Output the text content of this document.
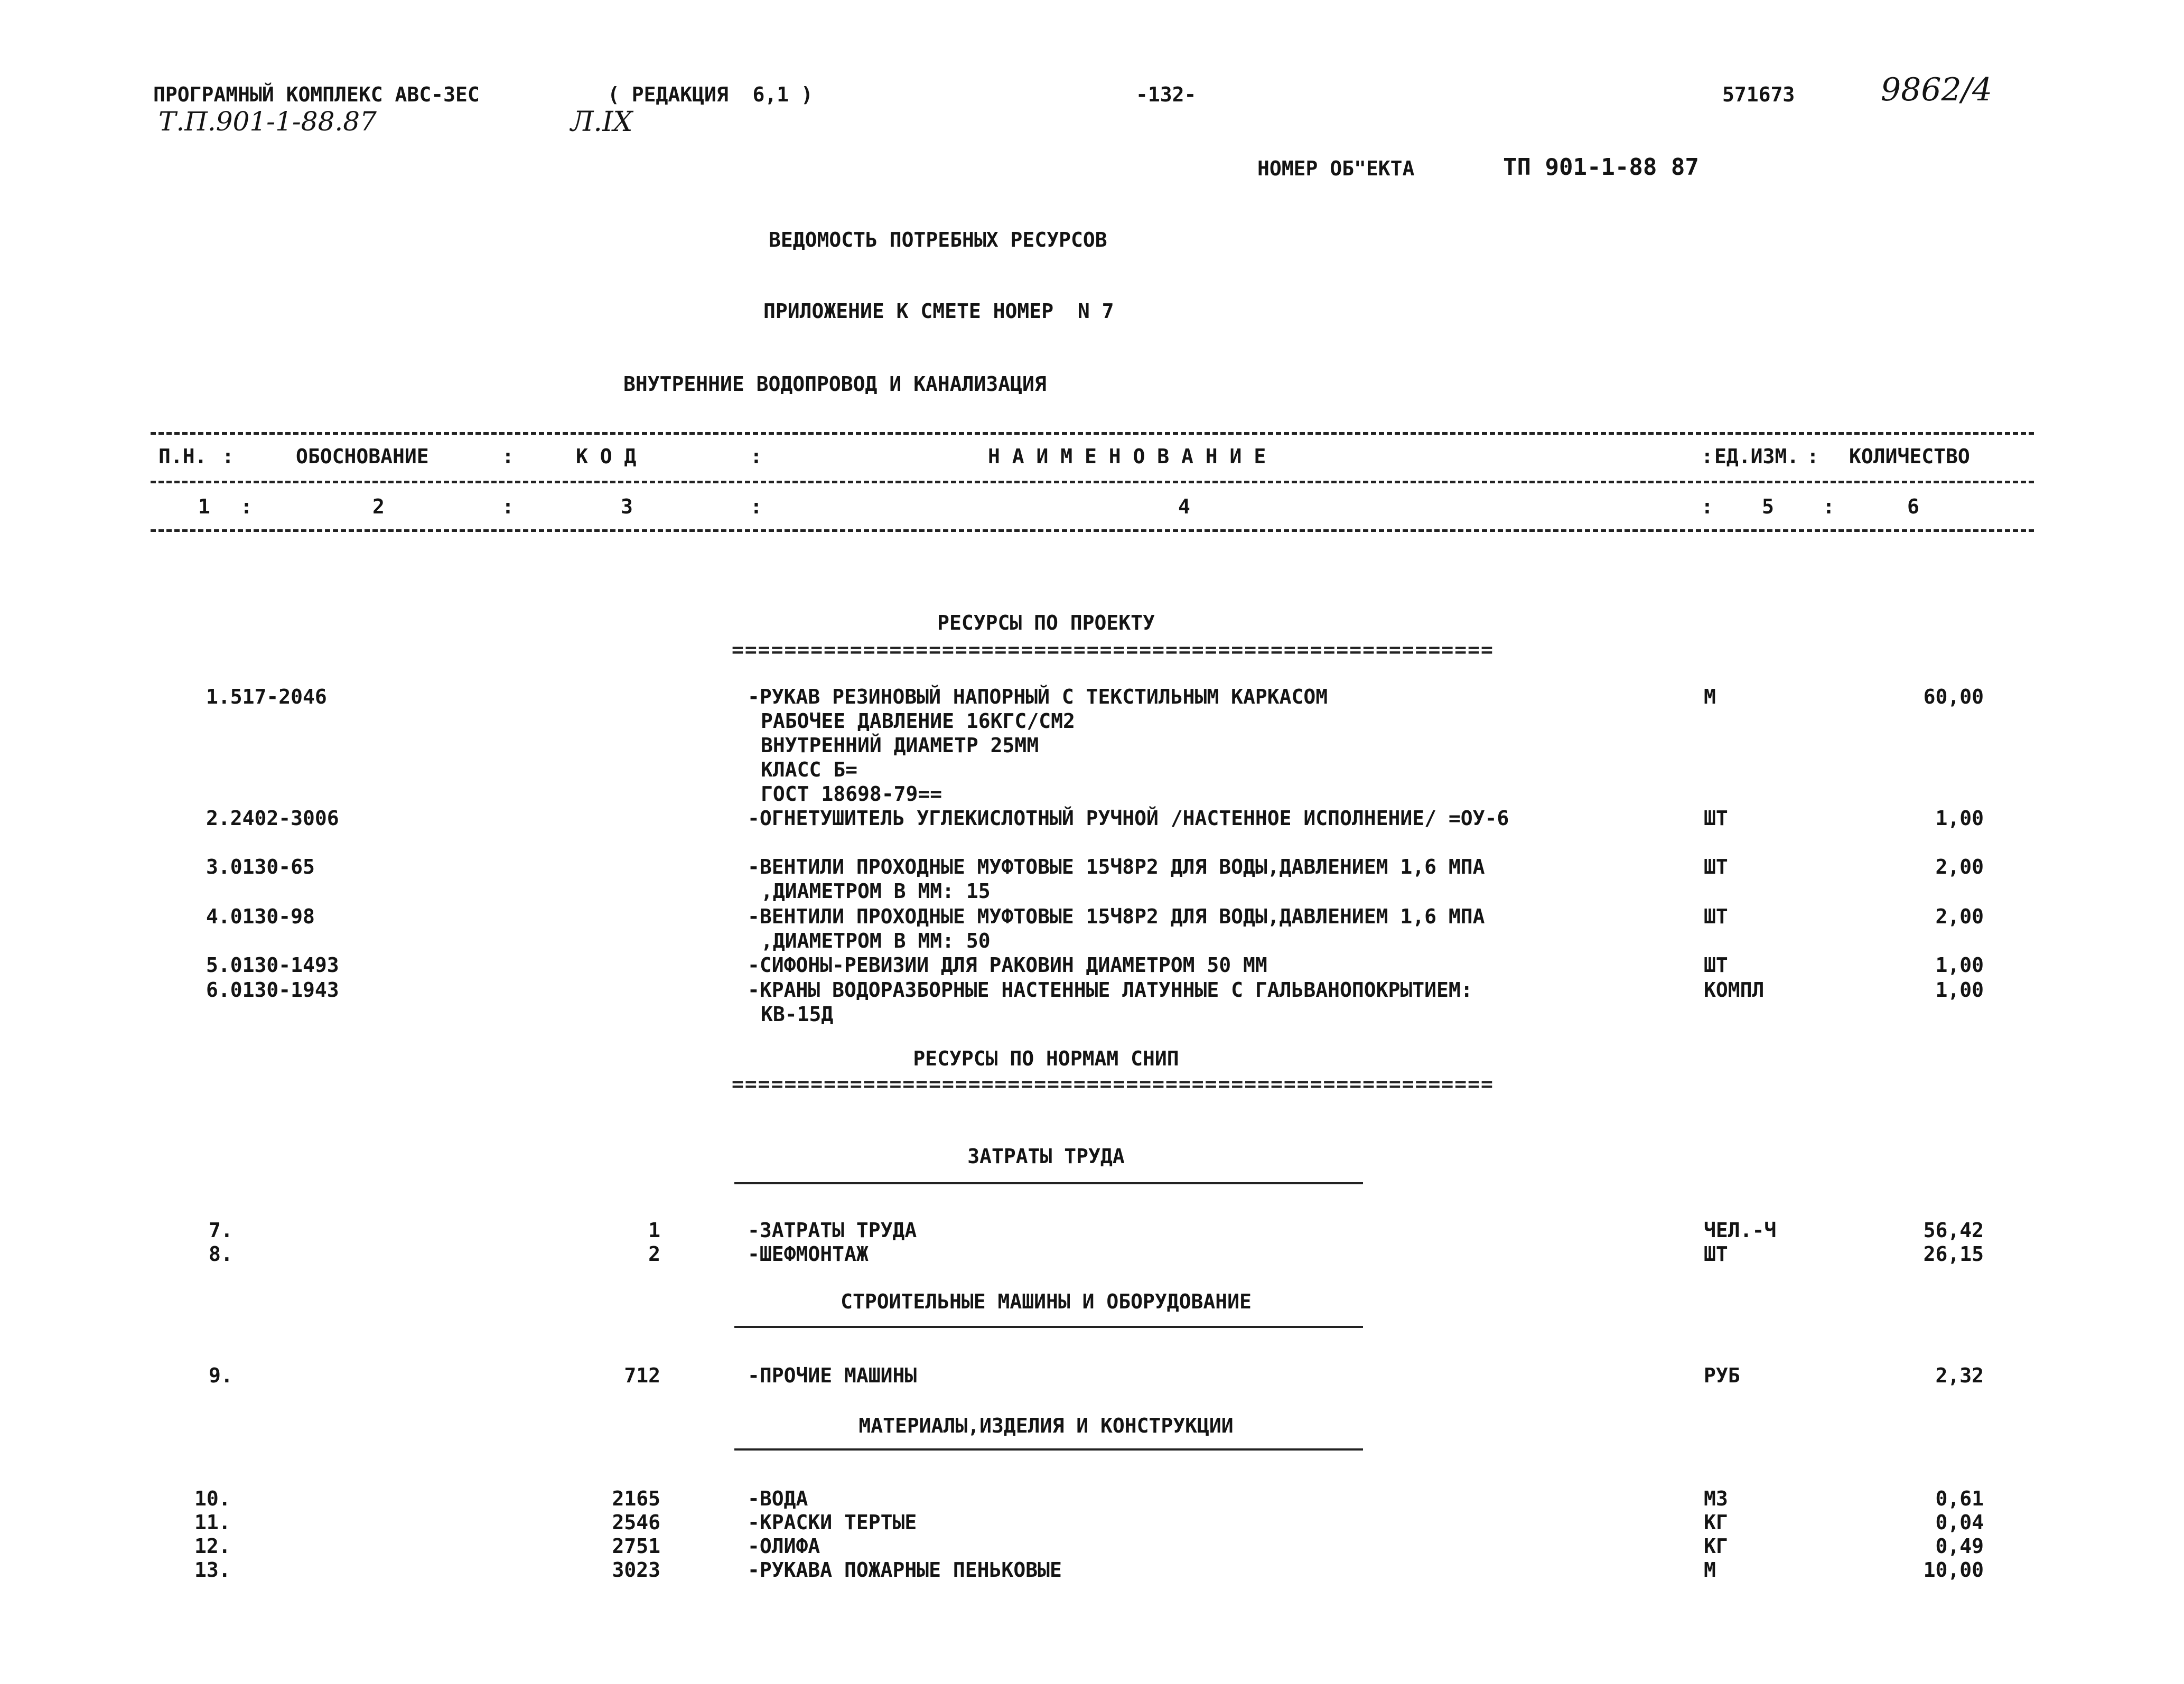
ПРОГРАМНЫЙ КОМПЛЕКС АВС-ЗЕС	( РЕДАКЦИЯ  6,1 )	-132-	571673	9862/4
Т.П.901-1-88.87	Л.IX
НОМЕР ОБ"ЕКТА	ТП 901-1-88 87
ВЕДОМОСТЬ ПОТРЕБНЫХ РЕСУРСОВ
ПРИЛОЖЕНИЕ К СМЕТЕ НОМЕР  N 7
ВНУТРЕННИЕ ВОДОПРОВОД И КАНАЛИЗАЦИЯ
П.Н. :	ОБОСНОВАНИЕ	:	К О Д	:	Н А И М Е Н О В А Н И Е	: ЕД.ИЗМ. : КОЛИЧЕСТВО
1 :	2	:	3	:	4	: 5 :	6
РЕСУРСЫ ПО ПРОЕКТУ
==========================================================
1.517-2046	-РУКАВ РЕЗИНОВЫЙ НАПОРНЫЙ С ТЕКСТИЛЬНЫМ КАРКАСОМ
РАБОЧЕЕ ДАВЛЕНИЕ 16КГС/СМ2
ВНУТРЕННИЙ ДИАМЕТР 25ММ
КЛАСС Б=
ГОСТ 18698-79==
М	60,00
2.2402-3006	-ОГНЕТУШИТЕЛЬ УГЛЕКИСЛОТНЫЙ РУЧНОЙ /НАСТЕННОЕ ИСПОЛНЕНИЕ/ =ОУ-6	ШТ	1,00
3.0130-65	-ВЕНТИЛИ ПРОХОДНЫЕ МУФТОВЫЕ 15Ч8Р2 ДЛЯ ВОДЫ,ДАВЛЕНИЕМ 1,6 МПА
,ДИАМЕТРОМ В ММ: 15
ШТ	2,00
4.0130-98	-ВЕНТИЛИ ПРОХОДНЫЕ МУФТОВЫЕ 15Ч8Р2 ДЛЯ ВОДЫ,ДАВЛЕНИЕМ 1,6 МПА
,ДИАМЕТРОМ В ММ: 50
ШТ	2,00
5.0130-1493	-СИФОНЫ-РЕВИЗИИ ДЛЯ РАКОВИН ДИАМЕТРОМ 50 ММ	ШТ	1,00
6.0130-1943	-КРАНЫ ВОДОРАЗБОРНЫЕ НАСТЕННЫЕ ЛАТУННЫЕ С ГАЛЬВАНОПОКРЫТИЕМ:
КВ-15Д
КОМПЛ	1,00
РЕСУРСЫ ПО НОРМАМ СНИП
==========================================================
ЗАТРАТЫ ТРУДА
7.	1	-ЗАТРАТЫ ТРУДА	ЧЕЛ.-Ч	56,42
8.	2	-ШЕФМОНТАЖ	ШТ	26,15
СТРОИТЕЛЬНЫЕ МАШИНЫ И ОБОРУДОВАНИЕ
9.	712	-ПРОЧИЕ МАШИНЫ	РУБ	2,32
МАТЕРИАЛЫ,ИЗДЕЛИЯ И КОНСТРУКЦИИ
10.	2165	-ВОДА	М3	0,61
11.	2546	-КРАСКИ ТЕРТЫЕ	КГ	0,04
12.	2751	-ОЛИФА	КГ	0,49
13.	3023	-РУКАВА ПОЖАРНЫЕ ПЕНЬКОВЫЕ	М	10,00
